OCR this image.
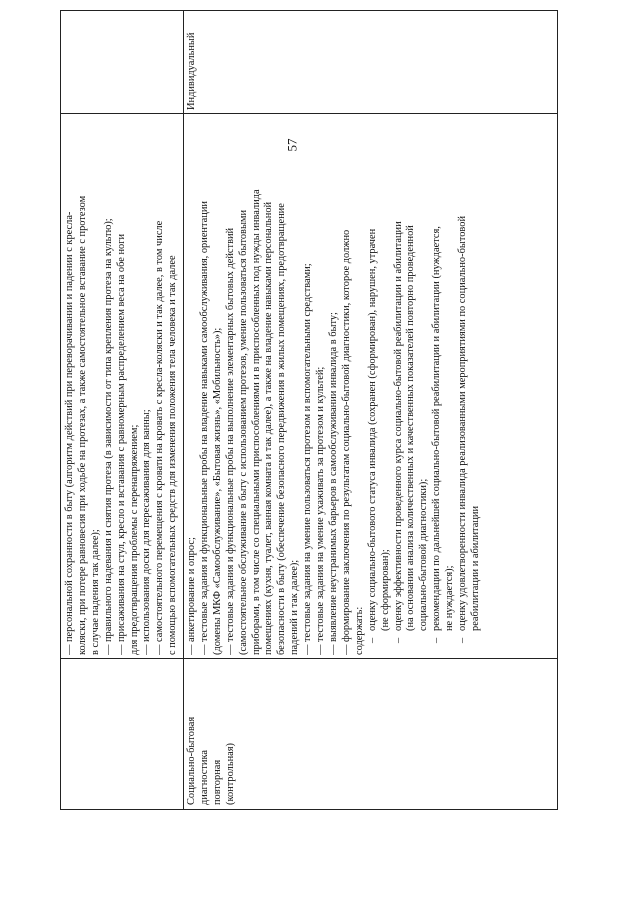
57
— персональной сохранности в быту (алгоритм действий при переворачивании и падении с кресла- коляски, при потере равновесия при ходьбе на протезах, а также самостоятельное вставание с протезом в случае падения так далее); — правильного надевания и снятия протеза (в зависимости от типа крепления протеза на культю); — присаживания на стул, кресло и вставания с равномерным распределением веса на обе ноги для предотвращения проблемы с перенапряжением; — использования доски для пересаживания для ванны; — самостоятельного перемещения с кровати на кровать с кресла-коляски и так далее, в том числе с помощью вспомогательных средств для изменения положения тела человека и так далее
Социально-бытовая диагностика повторная (контрольная)
— анкетирование и опрос; — тестовые задания и функциональные пробы на владение навыками самообслуживания, ориентации (домены МКФ «Самообслуживание», «Бытовая жизнь», «Мобильность»); — тестовые задания и функциональные пробы на выполнение элементарных бытовых действий (самостоятельное обслуживание в быту с использованием протезов, умение пользоваться бытовыми приборами, в том числе со специальными приспособлениями и в приспособленных под нужды инвалида помещениях (кухня, туалет, ванная комната и так далее), а также на владение навыками персональной безопасности в быту (обеспечение безопасного передвижения в жилых помещениях, предотвращение падений и так далее); — тестовые задания на умение пользоваться протезом и вспомогательными средствами; — тестовые задания на умение ухаживать за протезом и культей; — выявление неустранимых барьеров в самообслуживании инвалида в быту; — формирование заключения по результатам социально-бытовой диагностики, которое должно содержать: –оценку социально-бытового статуса инвалида (сохранен (сформирован), нарушен, утрачен (не сформирован);
–оценку эффективности проведенного курса социально-бытовой реабилитации и абилитации (на основании анализа количественных и качественных показателей повторно проведенной социально-бытовой диагностики);
–рекомендации по дальнейшей социально-бытовой реабилитации и абилитации (нуждается, не нуждается);
–оценку удовлетворенности инвалида реализованными мероприятиями по социально-бытовой реабилитации и абилитации
Индивидуальный
